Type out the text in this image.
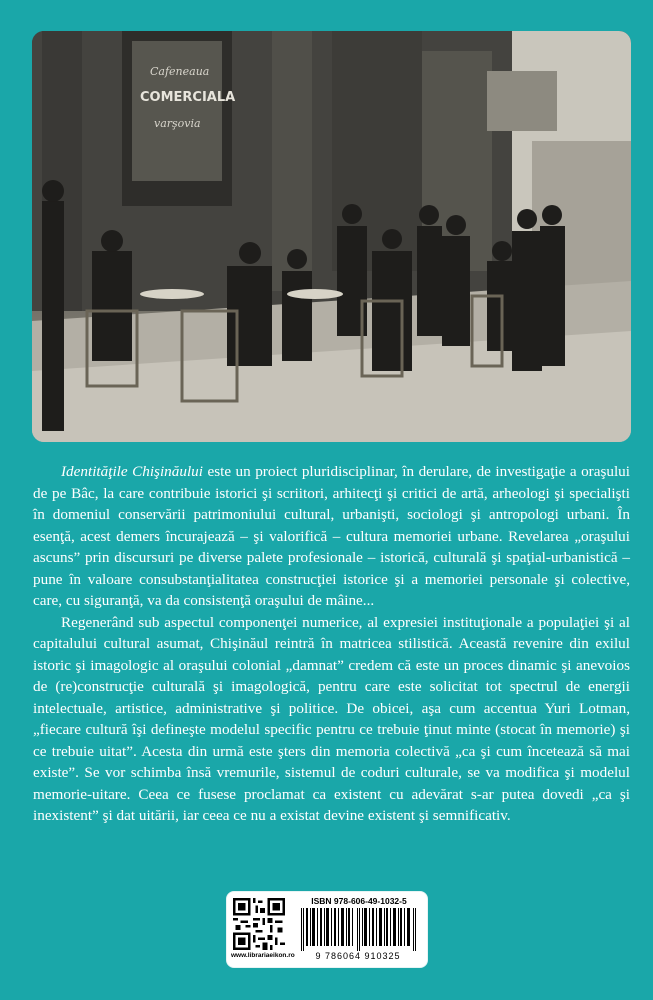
Cafeneaua
COMERCIALA
varşovia

Identităţile Chişinăului este un proiect pluridisciplinar, în derulare, de investigaţie a oraşului de pe Bâc, la care contribuie istorici şi scriitori, arhitecţi şi critici de artă, arheologi şi specialişti în domeniul conservării patrimoniului cultural, urbanişti, sociologi şi antropologi urbani. În esenţă, acest demers încurajează – şi valorifică – cultura memoriei urbane. Revelarea „oraşului ascuns” prin discursuri pe diverse palete profesionale – istorică, culturală şi spaţial-urbanistică – pune în valoare consubstanţialitatea construcţiei istorice şi a memoriei personale şi colective, care, cu siguranţă, va da consistenţă oraşului de mâine...

Regenerând sub aspectul componenţei numerice, al expresiei instituţionale a populaţiei şi al capitalului cultural asumat, Chişinăul reintră în matricea stilistică. Această revenire din exilul istoric şi imagologic al oraşului colonial „damnat” credem că este un proces dinamic şi anevoios de (re)construcţie culturală şi imagologică, pentru care este solicitat tot spectrul de energii intelectuale, artistice, administrative şi politice. De obicei, aşa cum accentua Yuri Lotman, „fiecare cultură îşi defineşte modelul specific pentru ce trebuie ţinut minte (stocat în memorie) şi ce trebuie uitat”. Acesta din urmă este şters din memoria colectivă „ca şi cum încetează să mai existe”. Se vor schimba însă vremurile, sistemul de coduri culturale, se va modifica şi modelul memorie-uitare. Ceea ce fusese proclamat ca existent cu adevărat s-ar putea dovedi „ca şi inexistent” şi dat uitării, iar ceea ce nu a existat devine existent şi semnificativ.

www.librariaeikon.ro
ISBN 978-606-49-1032-5
9 786064 910325
